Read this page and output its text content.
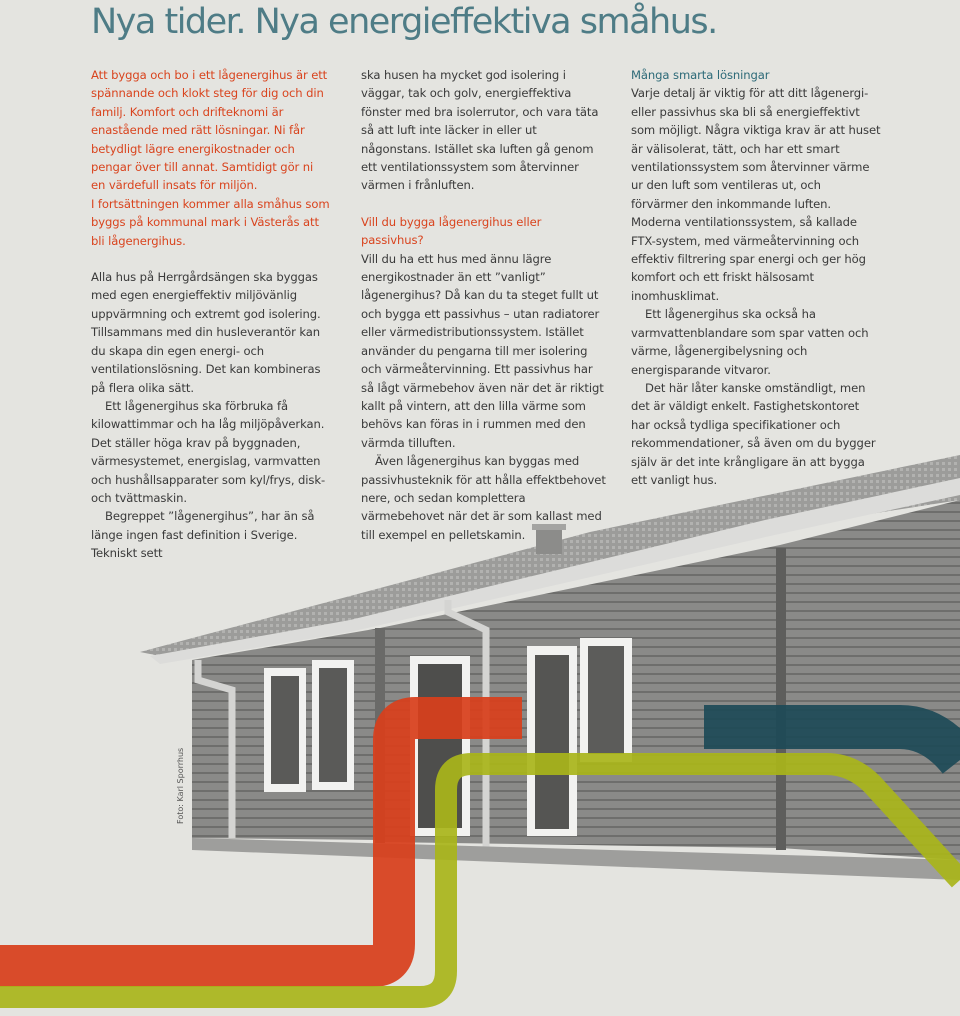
Nya tider. Nya energieffektiva småhus.

Att bygga och bo i ett lågenergihus är ett spännande och klokt steg för dig och din familj. Komfort och drifteknomi är enastående med rätt lösningar. Ni får betydligt lägre energikostnader och pengar över till annat. Samtidigt gör ni en värdefull insats för miljön.

I fortsättningen kommer alla småhus som byggs på kommunal mark i Västerås att bli lågenergihus.

Alla hus på Herrgårdsängen ska byggas med egen energieffektiv miljövänlig uppvärmning och extremt god isolering. Tillsammans med din husleverantör kan du skapa din egen energi- och ventilationslösning. Det kan kombineras på flera olika sätt.

Ett lågenergihus ska förbruka få kilowattimmar och ha låg miljöpåverkan. Det ställer höga krav på byggnaden, värmesystemet, energislag, varmvatten och hushållsapparater som kyl/frys, disk- och tvättmaskin.

Begreppet ”lågenergihus”, har än så länge ingen fast definition i Sverige. Tekniskt sett

ska husen ha mycket god isolering i väggar, tak och golv, energieffektiva fönster med bra isolerrutor, och vara täta så att luft inte läcker in eller ut någonstans. Istället ska luften gå genom ett ventilationssystem som återvinner värmen i frånluften.

Vill du bygga lågenergihus eller passivhus?

Vill du ha ett hus med ännu lägre energikostnader än ett ”vanligt” lågenergihus? Då kan du ta steget fullt ut och bygga ett passivhus – utan radiatorer eller värmedistributionssystem. Istället använder du pengarna till mer isolering och värmeåtervinning. Ett passivhus har så lågt värmebehov även när det är riktigt kallt på vintern, att den lilla värme som behövs kan föras in i rummen med den värmda tilluften.

Även lågenergihus kan byggas med passivhusteknik för att hålla effektbehovet nere, och sedan komplettera värmebehovet när det är som kallast med till exempel en pelletskamin.

Många smarta lösningar

Varje detalj är viktig för att ditt lågenergi- eller passivhus ska bli så energieffektivt som möjligt. Några viktiga krav är att huset är välisolerat, tätt, och har ett smart ventilationssystem som återvinner värme ur den luft som ventileras ut, och förvärmer den inkommande luften. Moderna ventilationssystem, så kallade FTX-system, med värmeåtervinning och effektiv filtrering spar energi och ger hög komfort och ett friskt hälsosamt inomhusklimat.

Ett lågenergihus ska också ha varmvattenblandare som spar vatten och värme, lågenergibelysning och energisparande vitvaror.

Det här låter kanske omständligt, men det är väldigt enkelt. Fastighetskontoret har också tydliga specifikationer och rekommendationer, så även om du bygger själv är det inte krångligare än att bygga ett vanligt hus.

Foto: Karl Sporrhus
